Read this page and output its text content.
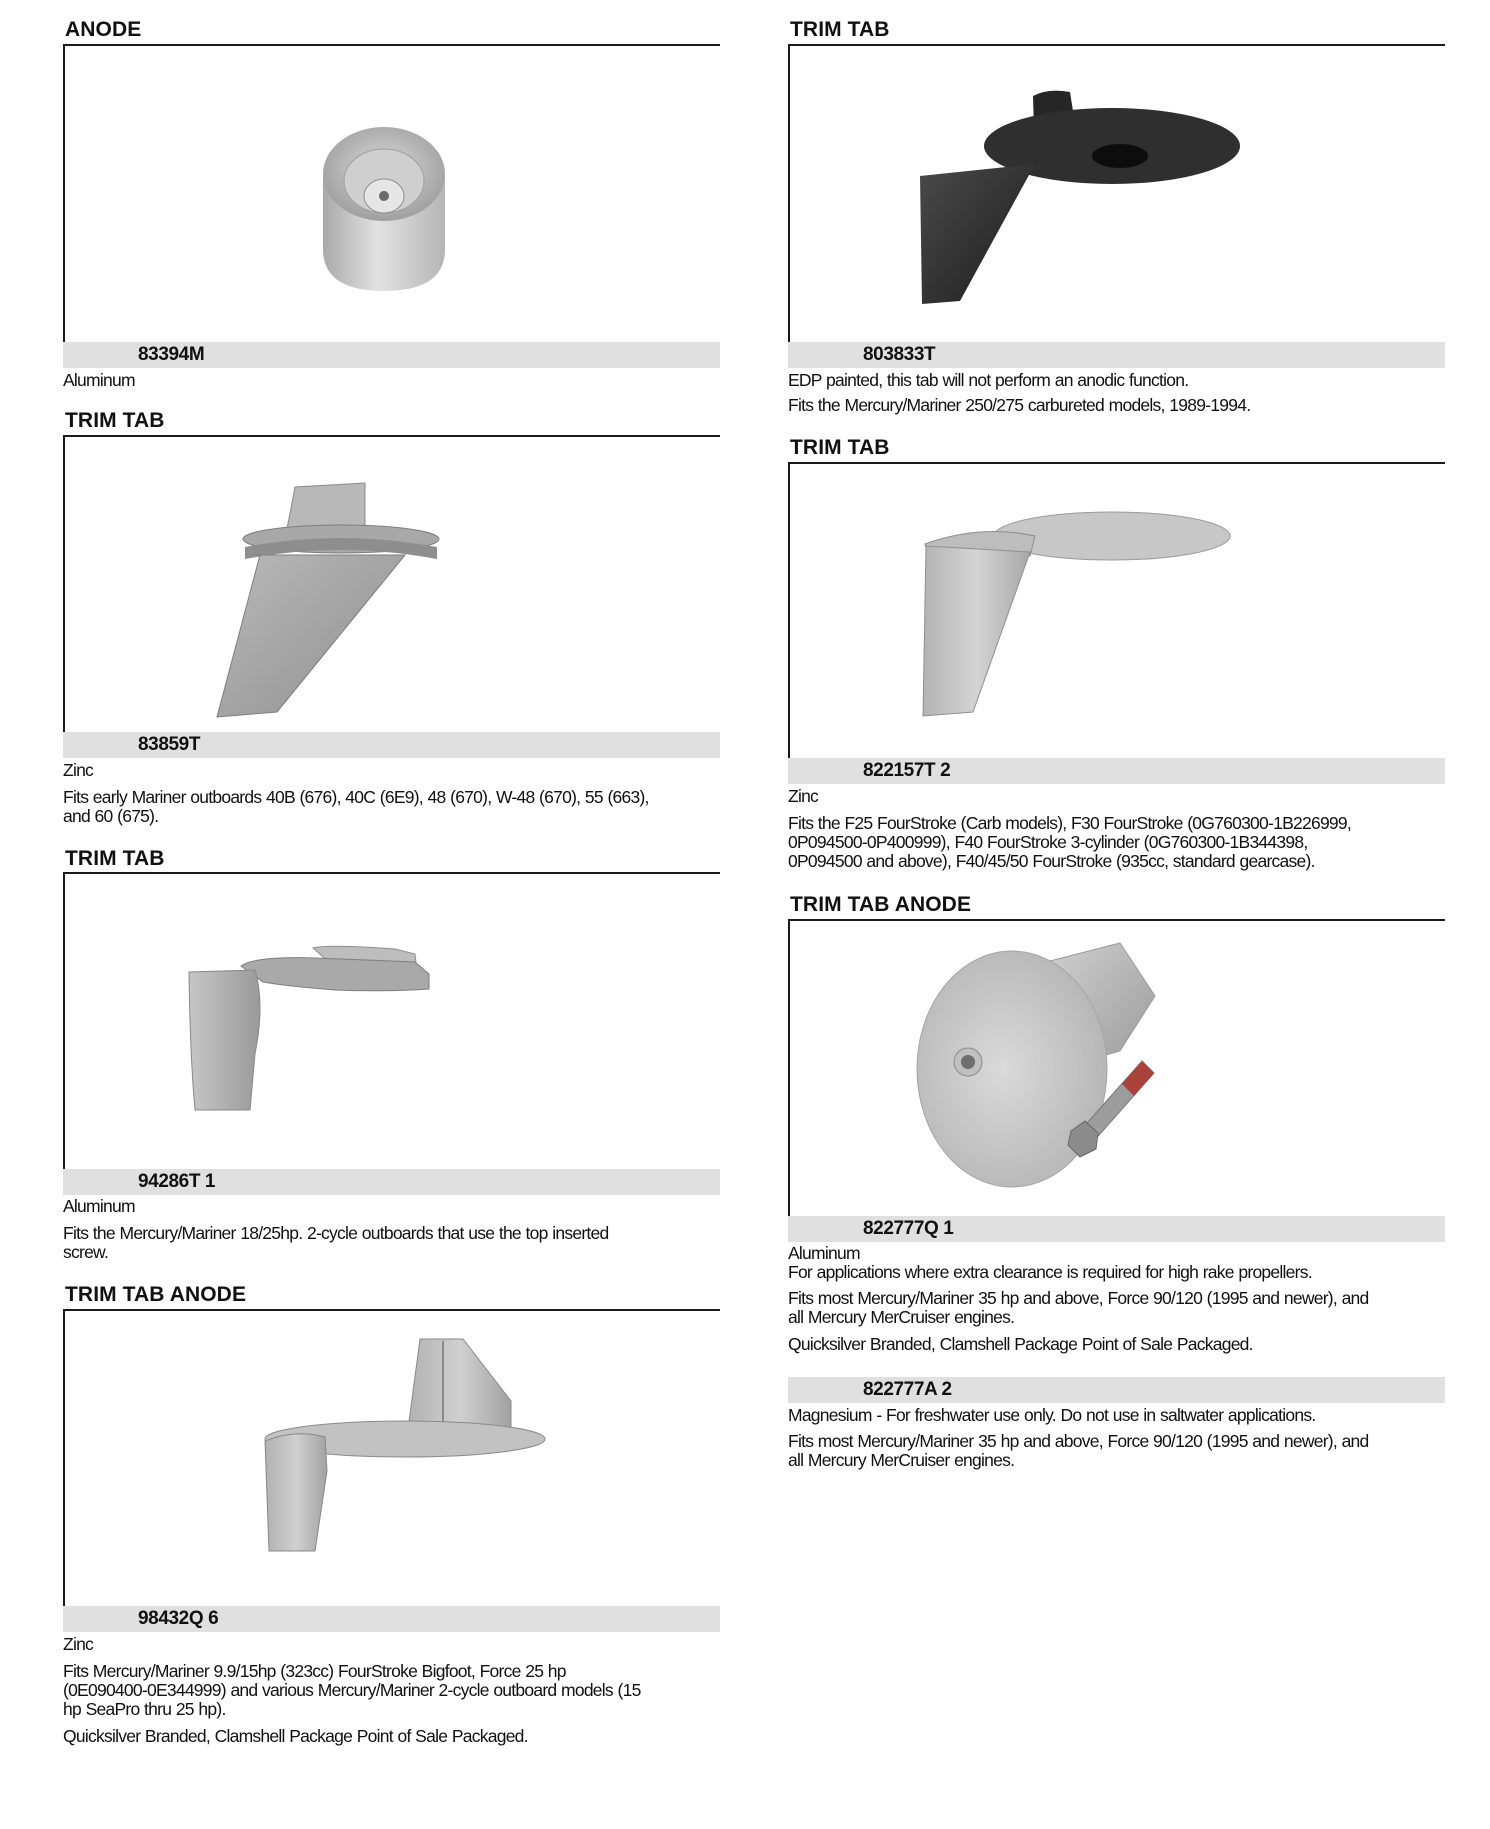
ANODE
83394M
Aluminum
TRIM TAB
83859T
Zinc
Fits early Mariner outboards 40B (676), 40C (6E9), 48 (670), W-48 (670), 55 (663),
and 60 (675).
TRIM TAB
94286T 1
Aluminum
Fits the Mercury/Mariner 18/25hp. 2-cycle outboards that use the top inserted
screw.
TRIM TAB ANODE
98432Q 6
Zinc
Fits Mercury/Mariner 9.9/15hp (323cc) FourStroke Bigfoot, Force 25 hp
(0E090400-0E344999) and various Mercury/Mariner 2-cycle outboard models (15
hp SeaPro thru 25 hp).
Quicksilver Branded, Clamshell Package Point of Sale Packaged.
TRIM TAB
803833T
EDP painted, this tab will not perform an anodic function.
Fits the Mercury/Mariner 250/275 carbureted models, 1989-1994.
TRIM TAB
822157T 2
Zinc
Fits the F25 FourStroke (Carb models), F30 FourStroke (0G760300-1B226999,
0P094500-0P400999), F40 FourStroke 3-cylinder (0G760300-1B344398,
0P094500 and above), F40/45/50 FourStroke (935cc, standard gearcase).
TRIM TAB ANODE
822777Q 1
Aluminum
For applications where extra clearance is required for high rake propellers.
Fits most Mercury/Mariner 35 hp and above, Force 90/120 (1995 and newer), and
all Mercury MerCruiser engines.
Quicksilver Branded, Clamshell Package Point of Sale Packaged.
822777A 2
Magnesium - For freshwater use only. Do not use in saltwater applications.
Fits most Mercury/Mariner 35 hp and above, Force 90/120 (1995 and newer), and
all Mercury MerCruiser engines.
